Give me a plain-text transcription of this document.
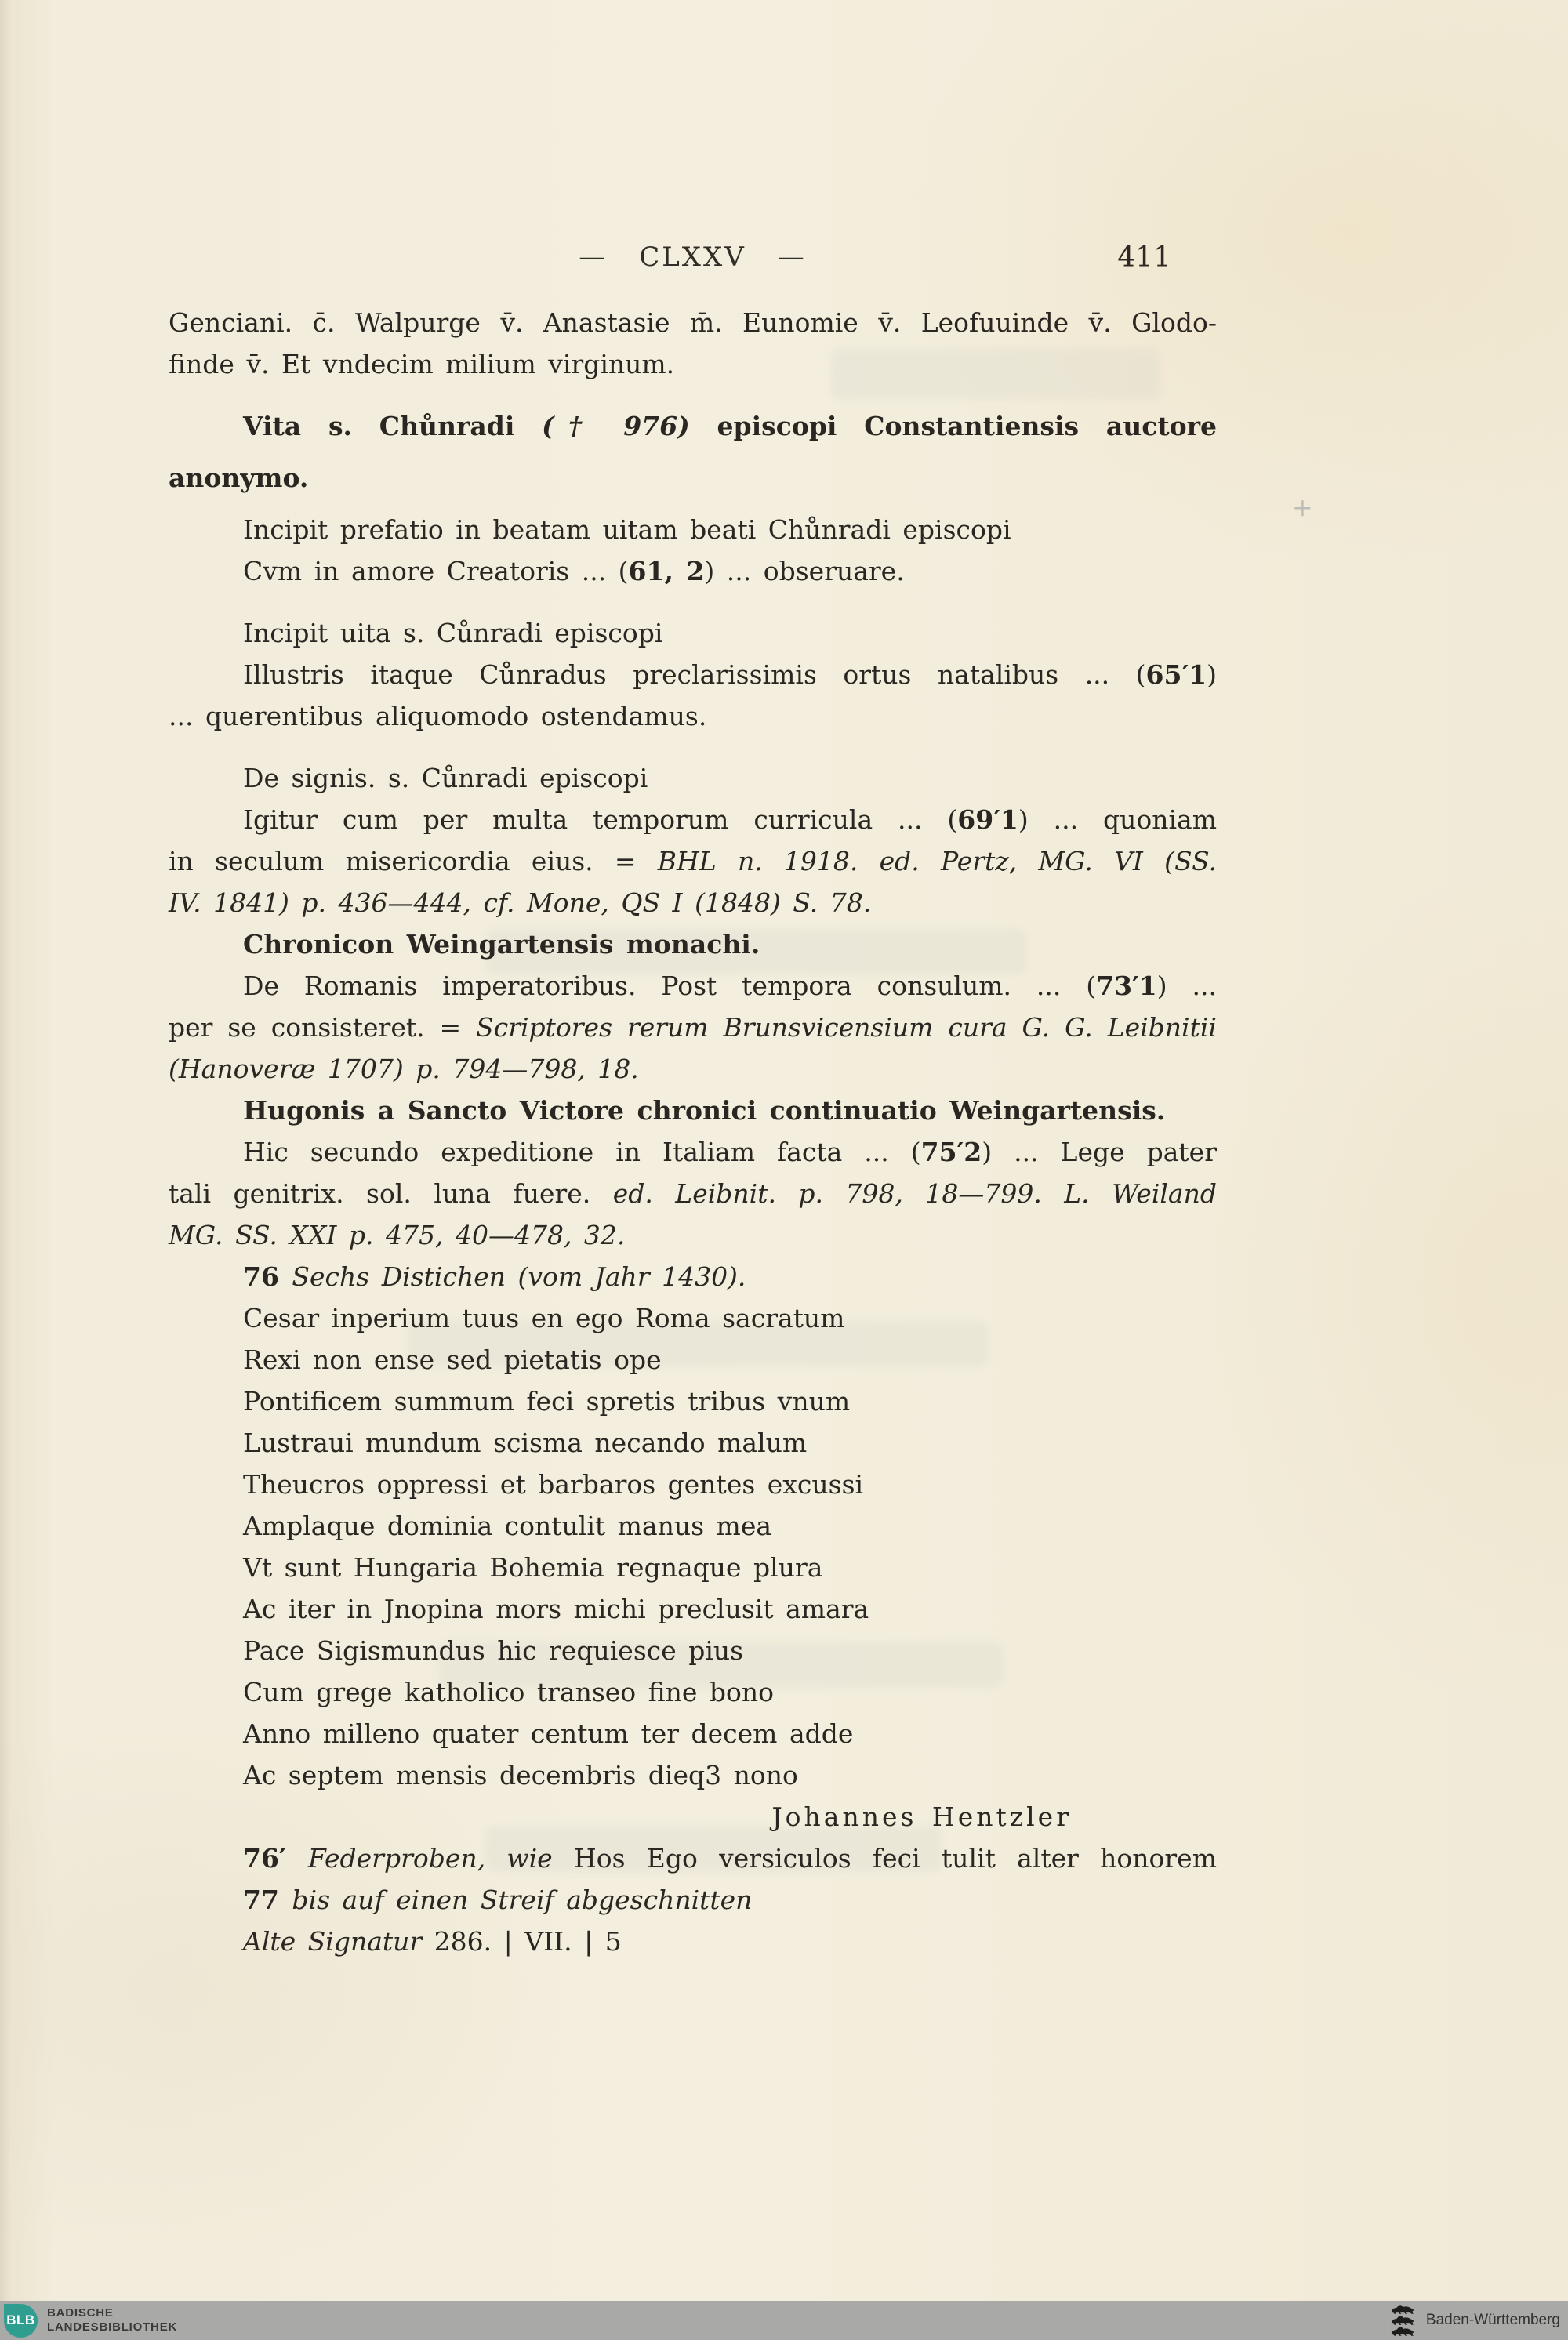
+
—  CLXXV  —	411
Genciani. c̄. Walpurge v̄. Anastasie m̄. Eunomie v̄. Leofuuinde v̄. Glodo-
finde v̄. Et vndecim milium virginum.
Vita s. Chůnradi († 976) episcopi Constantiensis auctore
anonymo.
Incipit prefatio in beatam uitam beati Chůnradi episcopi
Cvm in amore Creatoris ... (61, 2) ... obseruare.
Incipit uita s. Cůnradi episcopi
Illustris itaque Cůnradus preclarissimis ortus natalibus ... (65′1)
... querentibus aliquomodo ostendamus.
De signis. s. Cůnradi episcopi
Igitur cum per multa temporum curricula ... (69′1) ... quoniam
in seculum misericordia eius. = BHL n. 1918. ed. Pertz, MG. VI (SS.
IV. 1841) p. 436—444, cf. Mone, QS I (1848) S. 78.
Chronicon Weingartensis monachi.
De Romanis imperatoribus. Post tempora consulum. ... (73′1) ...
per se consisteret. = Scriptores rerum Brunsvicensium cura G. G. Leibnitii
(Hanoveræ 1707) p. 794—798, 18.
Hugonis a Sancto Victore chronici continuatio Weingartensis.
Hic secundo expeditione in Italiam facta ... (75′2) ... Lege pater
tali genitrix. sol. luna fuere. ed. Leibnit. p. 798, 18—799. L. Weiland
MG. SS. XXI p. 475, 40—478, 32.
76 Sechs Distichen (vom Jahr 1430).
Cesar inperium tuus en ego Roma sacratum
Rexi non ense sed pietatis ope
Pontificem summum feci spretis tribus vnum
Lustraui mundum scisma necando malum
Theucros oppressi et barbaros gentes excussi
Amplaque dominia contulit manus mea
Vt sunt Hungaria Bohemia regnaque plura
Ac iter in Jnopina mors michi preclusit amara
Pace Sigismundus hic requiesce pius
Cum grege katholico transeo fine bono
Anno milleno quater centum ter decem adde
Ac septem mensis decembris dieq3 nono
Johannes Hentzler
76′ Federproben, wie Hos Ego versiculos feci tulit alter honorem
77 bis auf einen Streif abgeschnitten
Alte Signatur 286. | VII. | 5
BLB BADISCHE
LANDESBIBLIOTHEK	Baden-Württemberg
